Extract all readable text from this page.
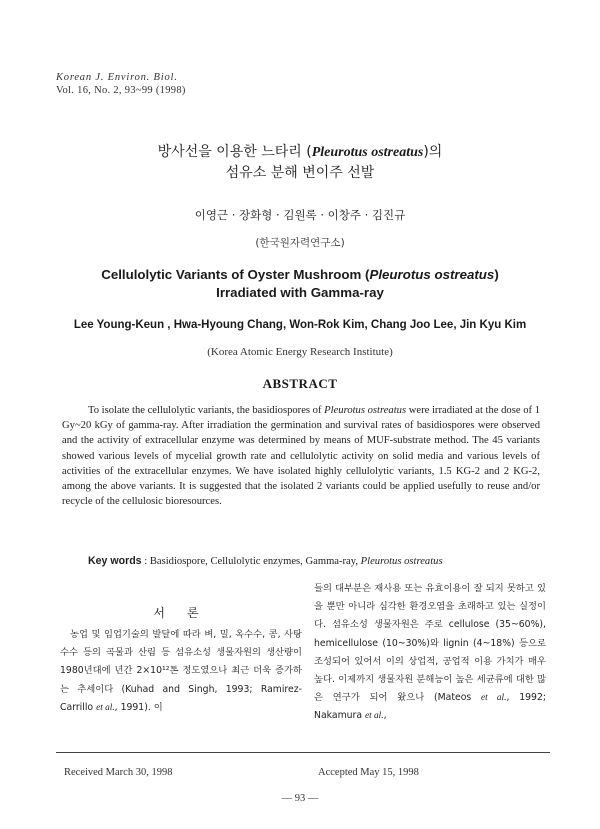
Korean J. Environ. Biol.
Vol. 16, No. 2, 93~99 (1998)
방사선을 이용한 느타리 (Pleurotus ostreatus)의
섬유소 분해 변이주 선발
이영근 · 장화형 · 김원록 · 이창주 · 김진규
(한국원자력연구소)
Cellulolytic Variants of Oyster Mushroom (Pleurotus ostreatus)
Irradiated with Gamma-ray
Lee Young-Keun , Hwa-Hyoung Chang, Won-Rok Kim, Chang Joo Lee, Jin Kyu Kim
(Korea Atomic Energy Research Institute)
ABSTRACT
To isolate the cellulolytic variants, the basidiospores of Pleurotus ostreatus were irradiated at the dose of 1 Gy~20 kGy of gamma-ray. After irradiation the germination and survival rates of basidiospores were observed and the activity of extracellular enzyme was determined by means of MUF-substrate method. The 45 variants showed various levels of mycelial growth rate and cellulolytic activity on solid media and various levels of activities of the extracellular enzymes. We have isolated highly cellulolytic variants, 1.5 KG-2 and 2 KG-2, among the above variants. It is suggested that the isolated 2 variants could be applied usefully to reuse and/or recycle of the cellulosic bioresources.
Key words : Basidiospore, Cellulolytic enzymes, Gamma-ray, Pleurotus ostreatus
서론
농업 및 임업기술의 발달에 따라 벼, 밀, 옥수수, 콩, 사탕수수 등의 곡물과 산림 등 섬유소성 생물자원의 생산량이 1980년대에 년간 2×10¹²톤 정도였으나 최근 더욱 증가하는 추세이다 (Kuhad and Singh, 1993; Ramirez-Carrillo et al., 1991). 이
들의 대부분은 재사용 또는 유효이용이 잘 되지 못하고 있을 뿐만 아니라 심각한 환경오염을 초래하고 있는 실정이다. 섬유소성 생물자원은 주로 cellulose (35~60%), hemicellulose (10~30%)와 lignin (4~18%) 등으로 조성되어 있어서 이의 상업적, 공업적 이용 가치가 매우 높다. 이제까지 생물자원 분해능이 높은 세균류에 대한 많은 연구가 되어 왔으나 (Mateos et al., 1992; Nakamura et al.,
Received March 30, 1998	Accepted May 15, 1998
— 93 —
